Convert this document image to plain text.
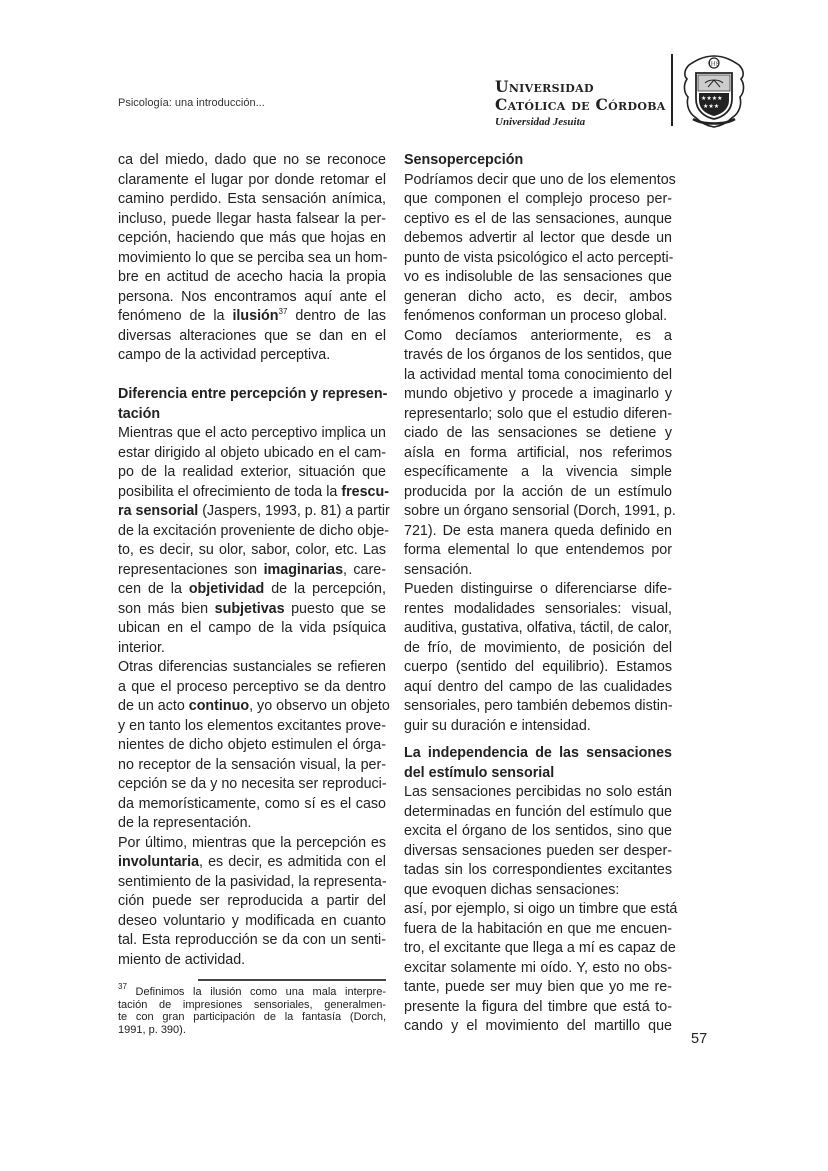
Psicología: una introducción...
Universidad
Católica de Córdoba
Universidad Jesuita
★★★★
★★★
IHS
ca del miedo, dado que no se reconoce
claramente el lugar por donde retomar el
camino perdido. Esta sensación anímica,
incluso, puede llegar hasta falsear la per-
cepción, haciendo que más que hojas en
movimiento lo que se perciba sea un hom-
bre en actitud de acecho hacia la propia
persona. Nos encontramos aquí ante el
fenómeno de la ilusión$^{37}$ dentro de las
diversas alteraciones que se dan en el
campo de la actividad perceptiva.
Diferencia entre percepción y represen-
tación
Mientras que el acto perceptivo implica un
estar dirigido al objeto ubicado en el cam-
po de la realidad exterior, situación que
posibilita el ofrecimiento de toda la frescu-
ra sensorial (Jaspers, 1993, p. 81) a partir
de la excitación proveniente de dicho obje-
to, es decir, su olor, sabor, color, etc. Las
representaciones son imaginarias, care-
cen de la objetividad de la percepción,
son más bien subjetivas puesto que se
ubican en el campo de la vida psíquica
interior.
Otras diferencias sustanciales se refieren
a que el proceso perceptivo se da dentro
de un acto continuo, yo observo un objeto
y en tanto los elementos excitantes prove-
nientes de dicho objeto estimulen el órga-
no receptor de la sensación visual, la per-
cepción se da y no necesita ser reproduci-
da memorísticamente, como sí es el caso
de la representación.
Por último, mientras que la percepción es
involuntaria, es decir, es admitida con el
sentimiento de la pasividad, la representa-
ción puede ser reproducida a partir del
deseo voluntario y modificada en cuanto
tal. Esta reproducción se da con un senti-
miento de actividad.
Sensopercepción
Podríamos decir que uno de los elementos
que componen el complejo proceso per-
ceptivo es el de las sensaciones, aunque
debemos advertir al lector que desde un
punto de vista psicológico el acto percepti-
vo es indisoluble de las sensaciones que
generan dicho acto, es decir, ambos
fenómenos conforman un proceso global.
Como decíamos anteriormente, es a
través de los órganos de los sentidos, que
la actividad mental toma conocimiento del
mundo objetivo y procede a imaginarlo y
representarlo; solo que el estudio diferen-
ciado de las sensaciones se detiene y
aísla en forma artificial, nos referimos
específicamente a la vivencia simple
producida por la acción de un estímulo
sobre un órgano sensorial (Dorch, 1991, p.
721). De esta manera queda definido en
forma elemental lo que entendemos por
sensación.
Pueden distinguirse o diferenciarse dife-
rentes modalidades sensoriales: visual,
auditiva, gustativa, olfativa, táctil, de calor,
de frío, de movimiento, de posición del
cuerpo (sentido del equilibrio). Estamos
aquí dentro del campo de las cualidades
sensoriales, pero también debemos distin-
guir su duración e intensidad.
La independencia de las sensaciones
del estímulo sensorial
Las sensaciones percibidas no solo están
determinadas en función del estímulo que
excita el órgano de los sentidos, sino que
diversas sensaciones pueden ser desper-
tadas sin los correspondientes excitantes
que evoquen dichas sensaciones:
así, por ejemplo, si oigo un timbre que está
fuera de la habitación en que me encuen-
tro, el excitante que llega a mí es capaz de
excitar solamente mi oído. Y, esto no obs-
tante, puede ser muy bien que yo me re-
presente la figura del timbre que está to-
cando y el movimiento del martillo que
$^{37}$ Definimos la ilusión como una mala interpre-
tación de impresiones sensoriales, generalmen-
te con gran participación de la fantasía (Dorch,
1991, p. 390).
57
